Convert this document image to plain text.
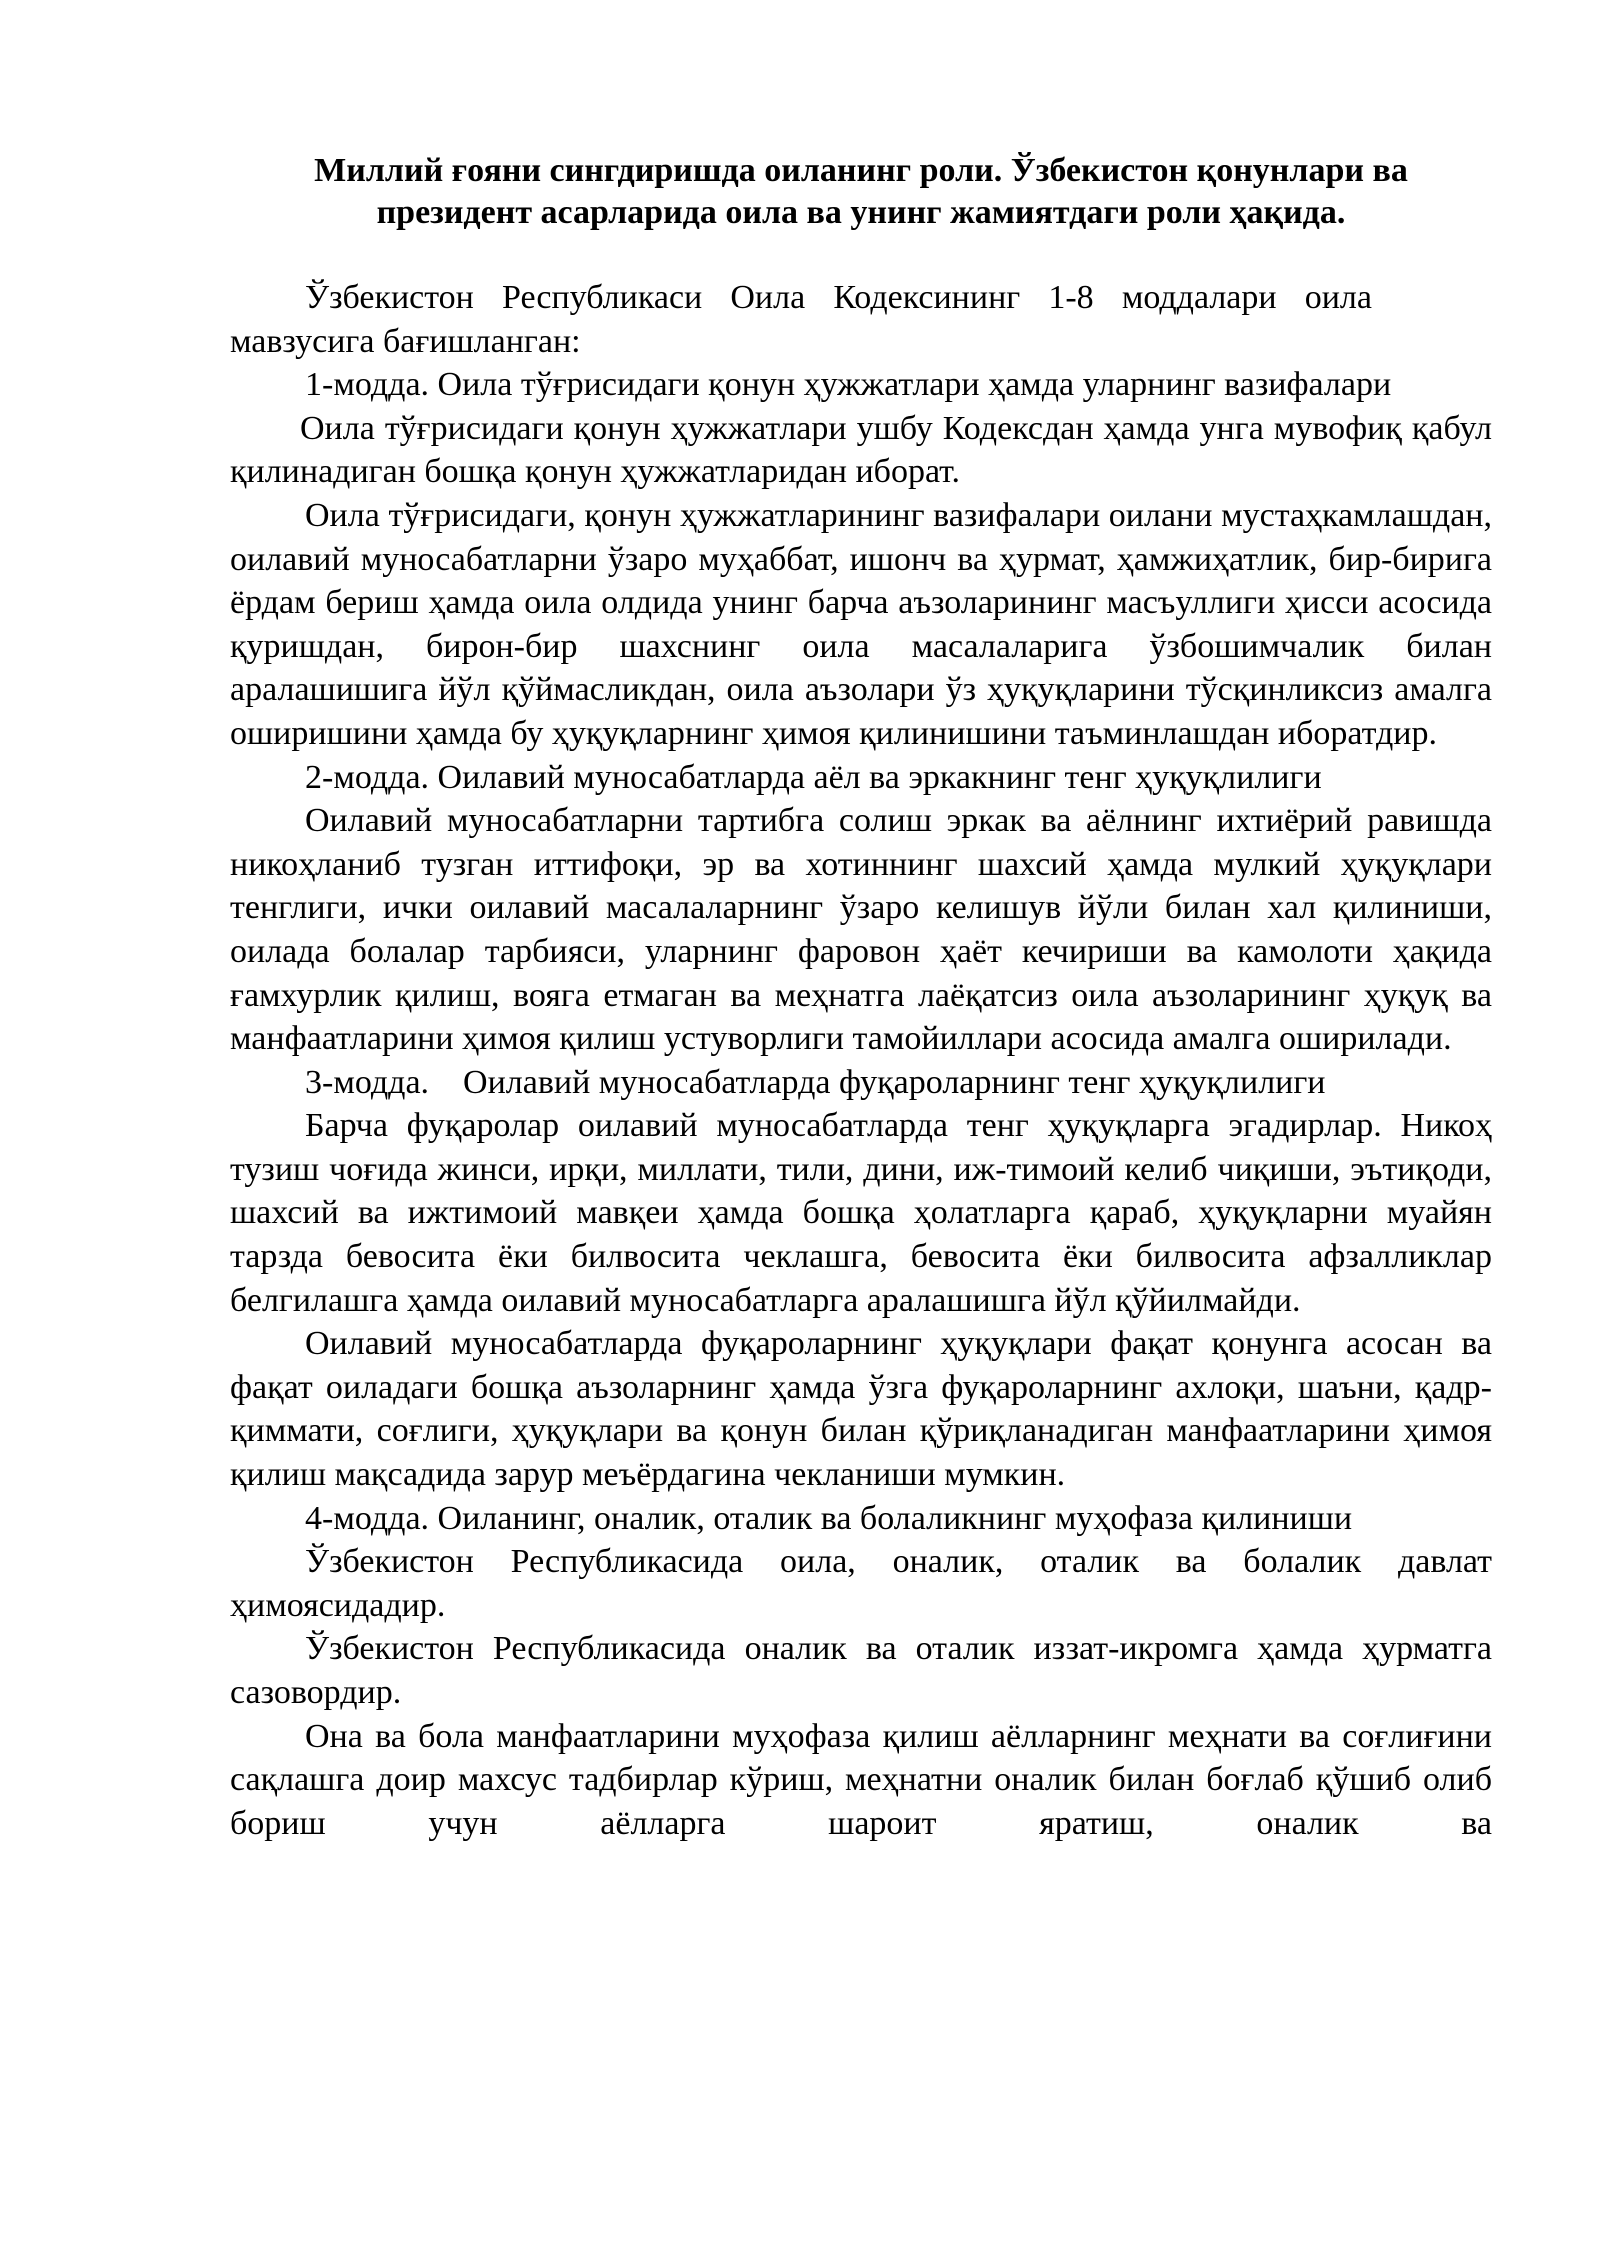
Миллий ғояни сингдиришда оиланинг роли. Ўзбекистон қонунлари ва
президент асарларида оила ва унинг жамиятдаги роли ҳақида.

Ўзбекистон Республикаси Оила Кодексининг 1-8 моддалари оила мавзусига бағишланган:

1-модда. Оила тўғрисидаги қонун ҳужжатлари ҳамда уларнинг вазифалари

Оила тўғрисидаги қонун ҳужжатлари ушбу Кодексдан ҳамда унга мувофиқ қабул қилинадиган бошқа қонун ҳужжатларидан иборат.

Оила тўғрисидаги, қонун ҳужжатларининг вазифалари оилани мустаҳкамлашдан, оилавий муносабатларни ўзаро муҳаббат, ишонч ва ҳурмат, ҳамжиҳатлик, бир-бирига ёрдам бериш ҳамда оила олдида унинг барча аъзоларининг масъуллиги ҳисси асосида қуришдан, бирон-бир шахснинг оила масалаларига ўзбошимчалик билан аралашишига йўл қўймасликдан, оила аъзолари ўз ҳуқуқларини тўсқинликсиз амалга оширишини ҳамда бу ҳуқуқларнинг ҳимоя қилинишини таъминлашдан иборатдир.

2-модда. Оилавий муносабатларда аёл ва эркакнинг тенг ҳуқуқлилиги

Оилавий муносабатларни тартибга солиш эркак ва аёлнинг ихтиёрий равишда никоҳланиб тузган иттифоқи, эр ва хотиннинг шахсий ҳамда мулкий ҳуқуқлари тенглиги, ички оилавий масалаларнинг ўзаро келишув йўли билан хал қилиниши, оилада болалар тарбияси, уларнинг фаровон ҳаёт кечириши ва камолоти ҳақида ғамхурлик қилиш, вояга етмаган ва меҳнатга лаёқатсиз оила аъзоларининг ҳуқуқ ва манфаатларини ҳимоя қилиш устуворлиги тамойиллари асосида амалга оширилади.

3-модда.    Оилавий муносабатларда фуқароларнинг тенг ҳуқуқлилиги

Барча фуқаролар оилавий муносабатларда тенг ҳуқуқларга эгадирлар. Никоҳ тузиш чоғида жинси, ирқи, миллати, тили, дини, иж-тимоий келиб чиқиши, эътиқоди, шахсий ва ижтимоий мавқеи ҳамда бошқа ҳолатларга қараб, ҳуқуқларни муайян тарзда бевосита ёки билвосита чеклашга, бевосита ёки билвосита афзалликлар белгилашга ҳамда оилавий муносабатларга аралашишга йўл қўйилмайди.

Оилавий муносабатларда фуқароларнинг ҳуқуқлари фақат қонунга асосан ва фақат оиладаги бошқа аъзоларнинг ҳамда ўзга фуқароларнинг ахлоқи, шаъни, қадр-қиммати, соғлиги, ҳуқуқлари ва қонун билан қўриқланадиган манфаатларини ҳимоя қилиш мақсадида зарур меъёрдагина чекланиши мумкин.

4-модда. Оиланинг, оналик, оталик ва болаликнинг муҳофаза қилиниши

Ўзбекистон Республикасида оила, оналик, оталик ва болалик давлат ҳимоясидадир.

Ўзбекистон Республикасида оналик ва оталик иззат-икромга ҳамда ҳурматга сазовордир.

Она ва бола манфаатларини муҳофаза қилиш аёлларнинг меҳнати ва соғлиғини сақлашга доир махсус тадбирлар кўриш, меҳнатни оналик билан боғлаб қўшиб олиб бориш учун аёлларга шароит яратиш, оналик ва
